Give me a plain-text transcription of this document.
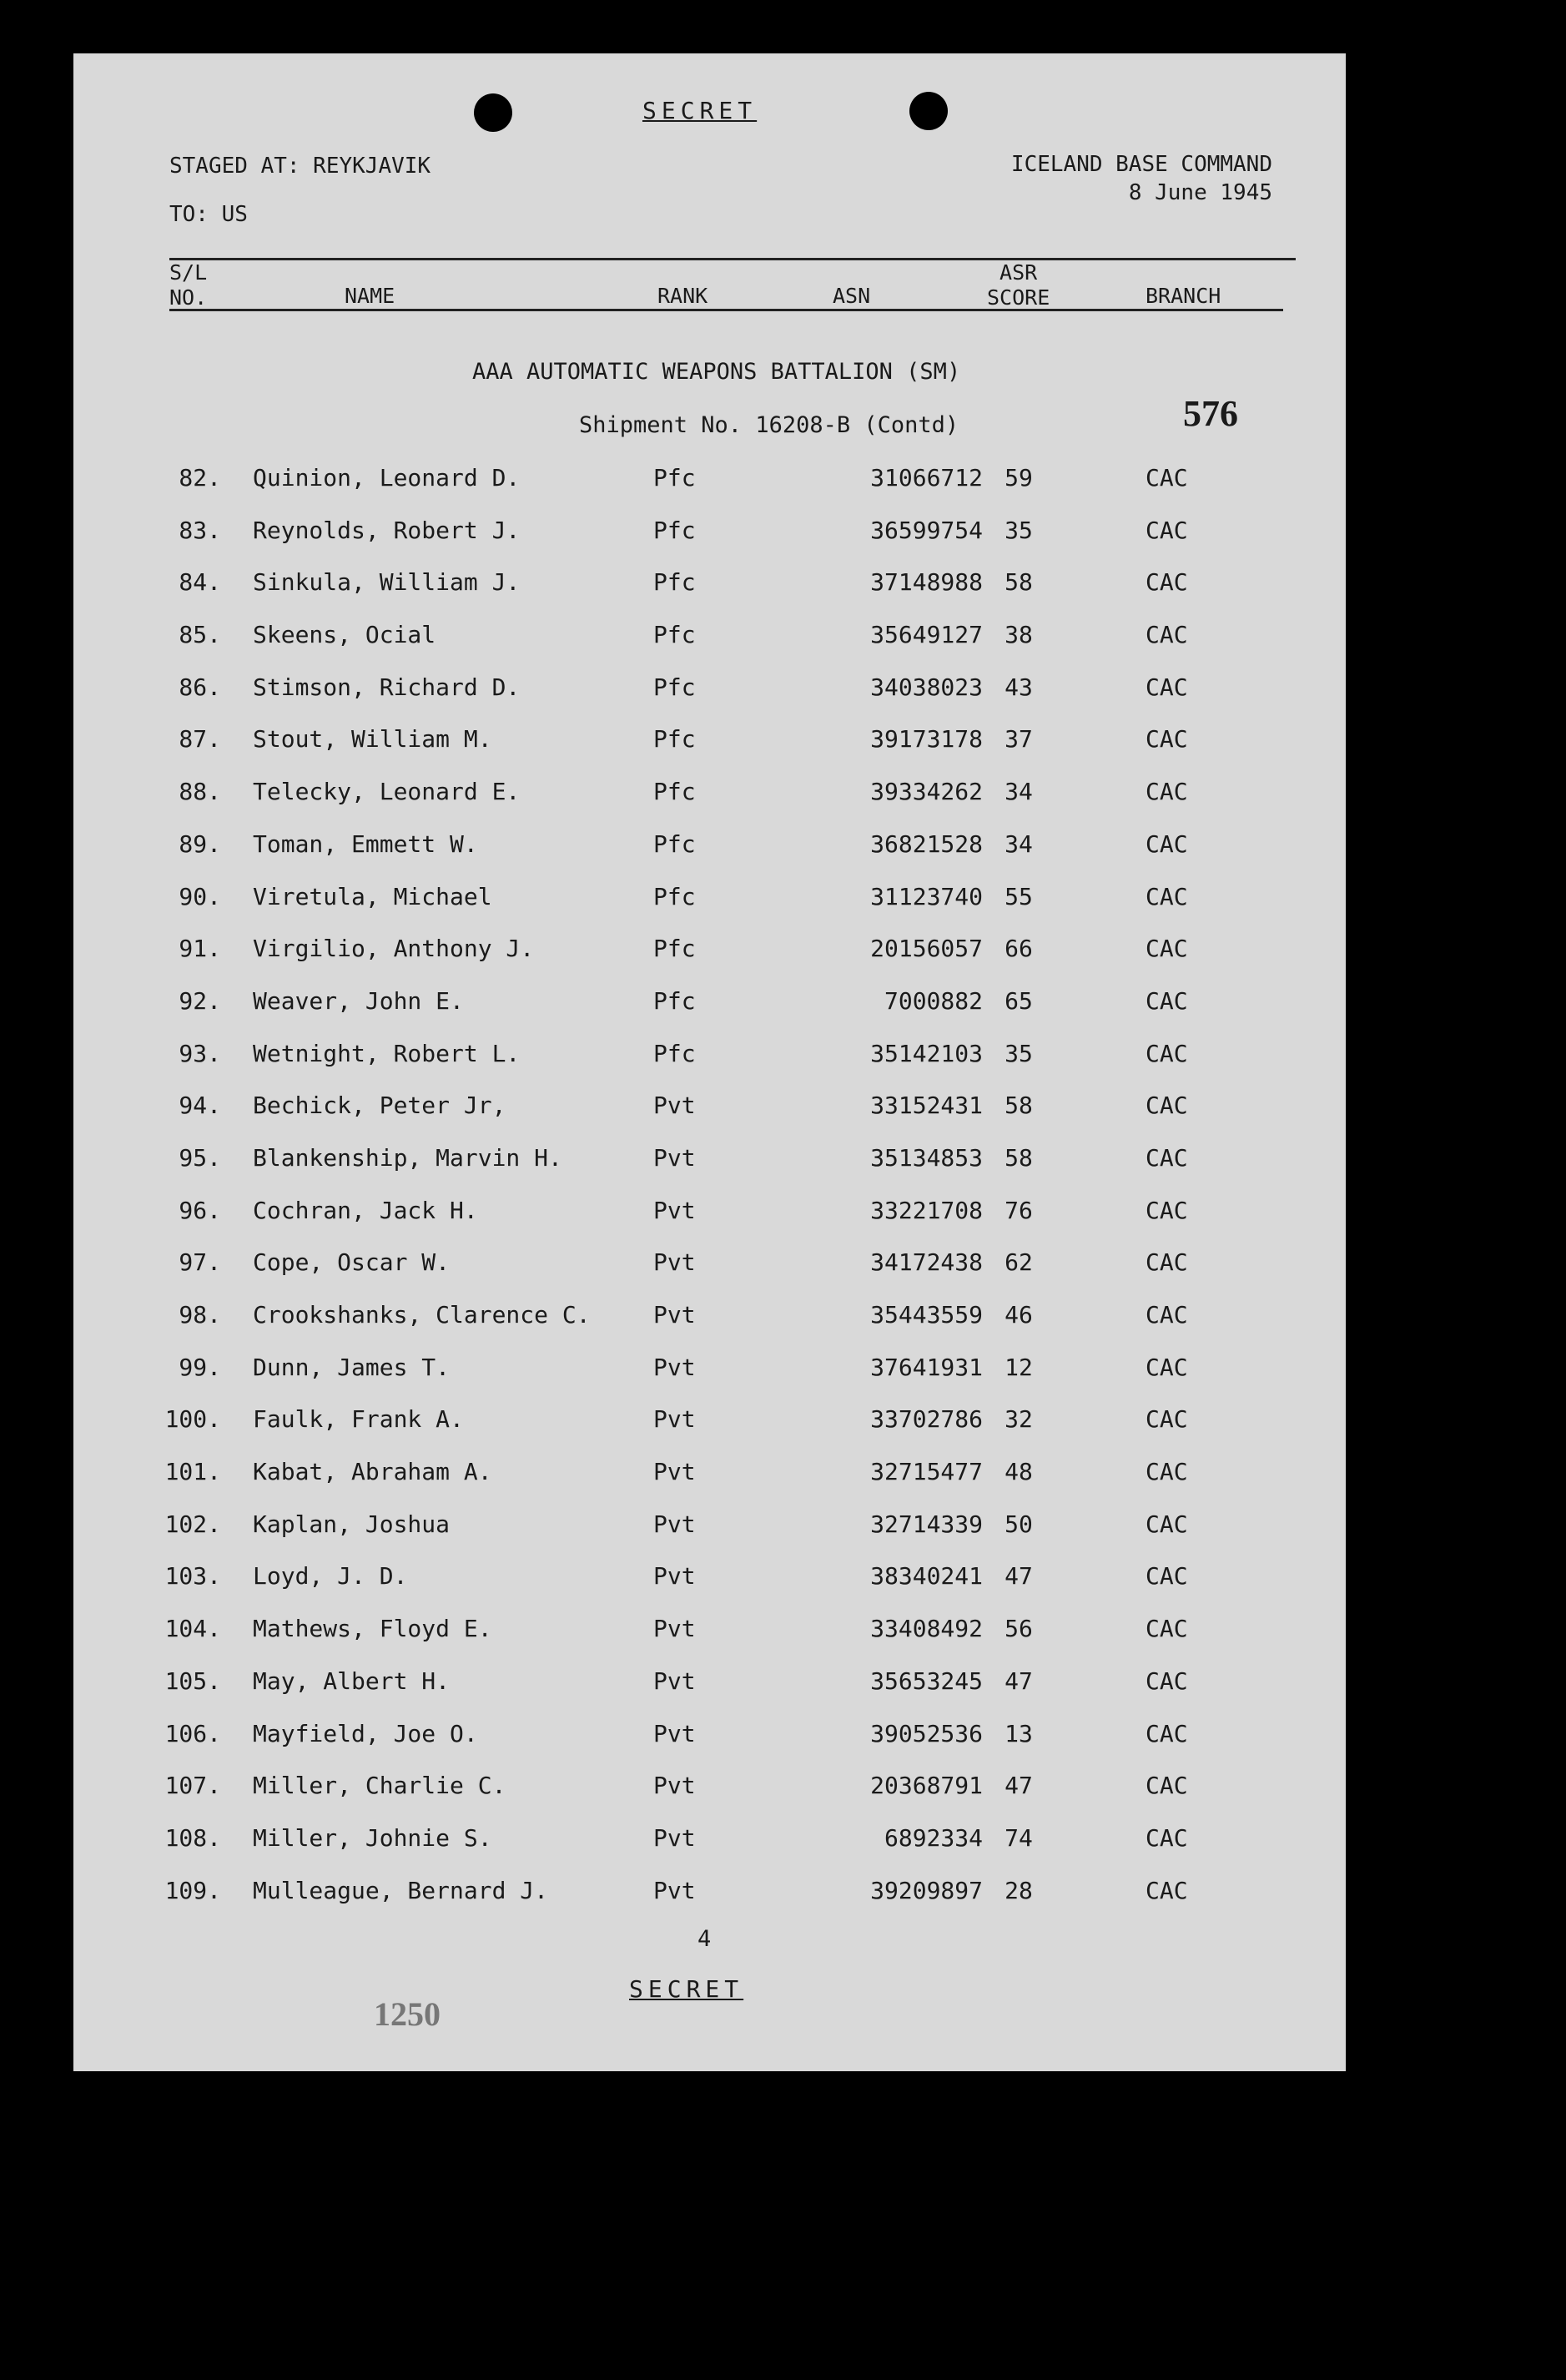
SECRET
STAGED AT: REYKJAVIK
TO: US
ICELAND BASE COMMAND
8 June 1945
S/L
NO.	NAME	RANK	ASN
ASR
SCORE	BRANCH
AAA AUTOMATIC WEAPONS BATTALION (SM)
Shipment No. 16208-B (Contd)	576
82. Quinion, Leonard D.	Pfc	31066712 59	CAC
83. Reynolds, Robert J.	Pfc	36599754 35	CAC
84. Sinkula, William J.	Pfc	37148988 58	CAC
85. Skeens, Ocial	Pfc	35649127 38	CAC
86. Stimson, Richard D.	Pfc	34038023 43	CAC
87. Stout, William M.	Pfc	39173178 37	CAC
88. Telecky, Leonard E.	Pfc	39334262 34	CAC
89. Toman, Emmett W.	Pfc	36821528 34	CAC
90. Viretula, Michael	Pfc	31123740 55	CAC
91. Virgilio, Anthony J.	Pfc	20156057 66	CAC
92. Weaver, John E.	Pfc	7000882 65	CAC
93. Wetnight, Robert L.	Pfc	35142103 35	CAC
94. Bechick, Peter Jr,	Pvt	33152431 58	CAC
95. Blankenship, Marvin H.	Pvt	35134853 58	CAC
96. Cochran, Jack H.	Pvt	33221708 76	CAC
97. Cope, Oscar W.	Pvt	34172438 62	CAC
98. Crookshanks, Clarence C.	Pvt	35443559 46	CAC
99. Dunn, James T.	Pvt	37641931 12	CAC
100. Faulk, Frank A.	Pvt	33702786 32	CAC
101. Kabat, Abraham A.	Pvt	32715477 48	CAC
102. Kaplan, Joshua	Pvt	32714339 50	CAC
103. Loyd, J. D.	Pvt	38340241 47	CAC
104. Mathews, Floyd E.	Pvt	33408492 56	CAC
105. May, Albert H.	Pvt	35653245 47	CAC
106. Mayfield, Joe O.	Pvt	39052536 13	CAC
107. Miller, Charlie C.	Pvt	20368791 47	CAC
108. Miller, Johnie S.	Pvt	6892334 74	CAC
109. Mulleague, Bernard J.	Pvt	39209897 28	CAC
4
SECRET
1250
